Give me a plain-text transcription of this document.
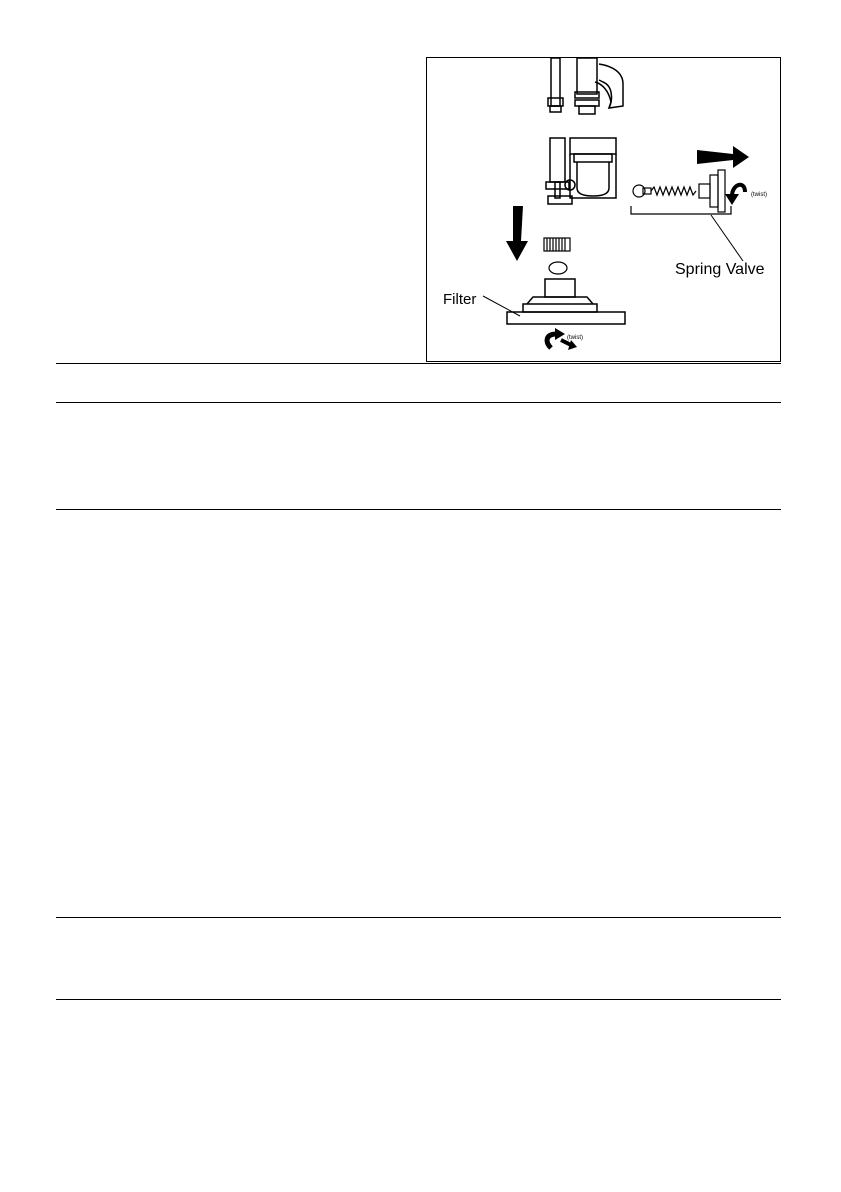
Filter
(twist)
(twist)
Spring Valve
